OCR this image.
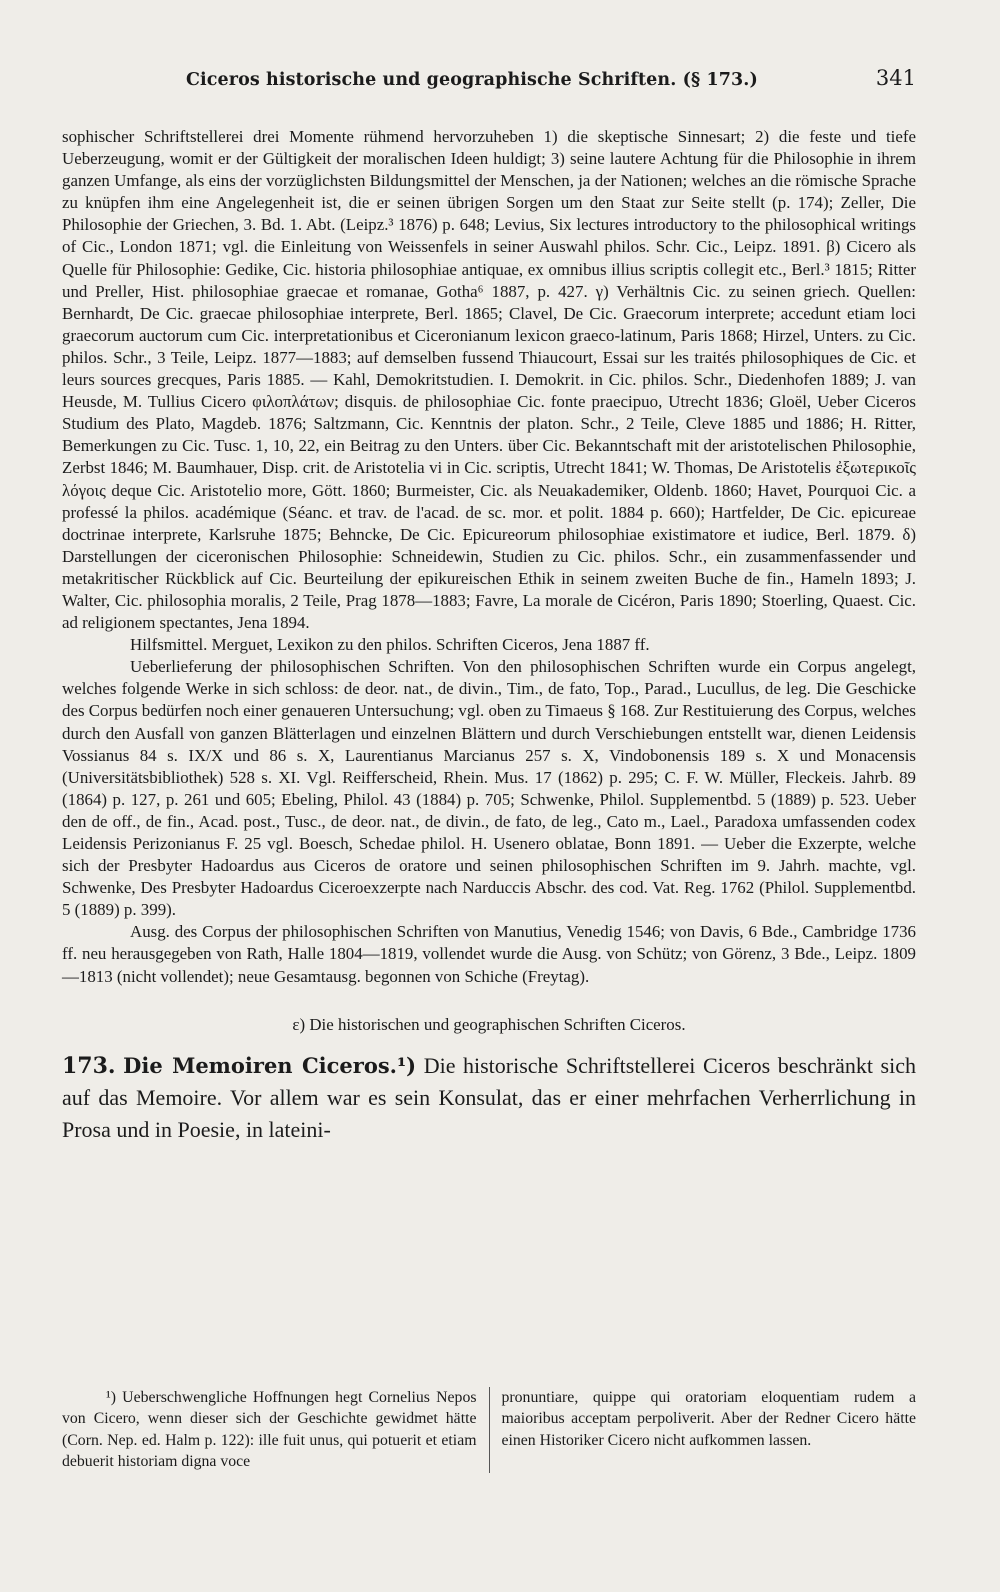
Ciceros historische und geographische Schriften. (§ 173.)	341

sophischer Schriftstellerei drei Momente rühmend hervorzuheben 1) die skeptische Sinnesart; 2) die feste und tiefe Ueberzeugung, womit er der Gültigkeit der moralischen Ideen huldigt; 3) seine lautere Achtung für die Philosophie in ihrem ganzen Umfange, als eins der vorzüglichsten Bildungsmittel der Menschen, ja der Nationen; welches an die römische Sprache zu knüpfen ihm eine Angelegenheit ist, die er seinen übrigen Sorgen um den Staat zur Seite stellt (p. 174); Zeller, Die Philosophie der Griechen, 3. Bd. 1. Abt. (Leipz.³ 1876) p. 648; Levius, Six lectures introductory to the philosophical writings of Cic., London 1871; vgl. die Einleitung von Weissenfels in seiner Auswahl philos. Schr. Cic., Leipz. 1891. β) Cicero als Quelle für Philosophie: Gedike, Cic. historia philosophiae antiquae, ex omnibus illius scriptis collegit etc., Berl.³ 1815; Ritter und Preller, Hist. philosophiae graecae et romanae, Gotha⁶ 1887, p. 427. γ) Verhältnis Cic. zu seinen griech. Quellen: Bernhardt, De Cic. graecae philosophiae interprete, Berl. 1865; Clavel, De Cic. Graecorum interprete; accedunt etiam loci graecorum auctorum cum Cic. interpretationibus et Ciceronianum lexicon graeco-latinum, Paris 1868; Hirzel, Unters. zu Cic. philos. Schr., 3 Teile, Leipz. 1877—1883; auf demselben fussend Thiaucourt, Essai sur les traités philosophiques de Cic. et leurs sources grecques, Paris 1885. — Kahl, Demokritstudien. I. Demokrit. in Cic. philos. Schr., Diedenhofen 1889; J. van Heusde, M. Tullius Cicero φιλοπλάτων; disquis. de philosophiae Cic. fonte praecipuo, Utrecht 1836; Gloël, Ueber Ciceros Studium des Plato, Magdeb. 1876; Saltzmann, Cic. Kenntnis der platon. Schr., 2 Teile, Cleve 1885 und 1886; H. Ritter, Bemerkungen zu Cic. Tusc. 1, 10, 22, ein Beitrag zu den Unters. über Cic. Bekanntschaft mit der aristotelischen Philosophie, Zerbst 1846; M. Baumhauer, Disp. crit. de Aristotelia vi in Cic. scriptis, Utrecht 1841; W. Thomas, De Aristotelis ἐξωτερικοῖς λόγοις deque Cic. Aristotelio more, Gött. 1860; Burmeister, Cic. als Neuakademiker, Oldenb. 1860; Havet, Pourquoi Cic. a professé la philos. académique (Séanc. et trav. de l'acad. de sc. mor. et polit. 1884 p. 660); Hartfelder, De Cic. epicureae doctrinae interprete, Karlsruhe 1875; Behncke, De Cic. Epicureorum philosophiae existimatore et iudice, Berl. 1879. δ) Darstellungen der ciceronischen Philosophie: Schneidewin, Studien zu Cic. philos. Schr., ein zusammenfassender und metakritischer Rückblick auf Cic. Beurteilung der epikureischen Ethik in seinem zweiten Buche de fin., Hameln 1893; J. Walter, Cic. philosophia moralis, 2 Teile, Prag 1878—1883; Favre, La morale de Cicéron, Paris 1890; Stoerling, Quaest. Cic. ad religionem spectantes, Jena 1894.

Hilfsmittel. Merguet, Lexikon zu den philos. Schriften Ciceros, Jena 1887 ff.

Ueberlieferung der philosophischen Schriften. Von den philosophischen Schriften wurde ein Corpus angelegt, welches folgende Werke in sich schloss: de deor. nat., de divin., Tim., de fato, Top., Parad., Lucullus, de leg. Die Geschicke des Corpus bedürfen noch einer genaueren Untersuchung; vgl. oben zu Timaeus § 168. Zur Restituierung des Corpus, welches durch den Ausfall von ganzen Blätterlagen und einzelnen Blättern und durch Verschiebungen entstellt war, dienen Leidensis Vossianus 84 s. IX/X und 86 s. X, Laurentianus Marcianus 257 s. X, Vindobonensis 189 s. X und Monacensis (Universitätsbibliothek) 528 s. XI. Vgl. Reifferscheid, Rhein. Mus. 17 (1862) p. 295; C. F. W. Müller, Fleckeis. Jahrb. 89 (1864) p. 127, p. 261 und 605; Ebeling, Philol. 43 (1884) p. 705; Schwenke, Philol. Supplementbd. 5 (1889) p. 523. Ueber den de off., de fin., Acad. post., Tusc., de deor. nat., de divin., de fato, de leg., Cato m., Lael., Paradoxa umfassenden codex Leidensis Perizonianus F. 25 vgl. Boesch, Schedae philol. H. Usenero oblatae, Bonn 1891. — Ueber die Exzerpte, welche sich der Presbyter Hadoardus aus Ciceros de oratore und seinen philosophischen Schriften im 9. Jahrh. machte, vgl. Schwenke, Des Presbyter Hadoardus Ciceroexzerpte nach Narduccis Abschr. des cod. Vat. Reg. 1762 (Philol. Supplementbd. 5 (1889) p. 399).

Ausg. des Corpus der philosophischen Schriften von Manutius, Venedig 1546; von Davis, 6 Bde., Cambridge 1736 ff. neu herausgegeben von Rath, Halle 1804—1819, vollendet wurde die Ausg. von Schütz; von Görenz, 3 Bde., Leipz. 1809—1813 (nicht vollendet); neue Gesamtausg. begonnen von Schiche (Freytag).

ε) Die historischen und geographischen Schriften Ciceros.
173. Die Memoiren Ciceros.¹) Die historische Schriftstellerei Ciceros beschränkt sich auf das Memoire. Vor allem war es sein Konsulat, das er einer mehrfachen Verherrlichung in Prosa und in Poesie, in lateini-

¹) Ueberschwengliche Hoffnungen hegt Cornelius Nepos von Cicero, wenn dieser sich der Geschichte gewidmet hätte (Corn. Nep. ed. Halm p. 122): ille fuit unus, qui potuerit et etiam debuerit historiam digna voce

pronuntiare, quippe qui oratoriam eloquentiam rudem a maioribus acceptam perpoliverit. Aber der Redner Cicero hätte einen Historiker Cicero nicht aufkommen lassen.
